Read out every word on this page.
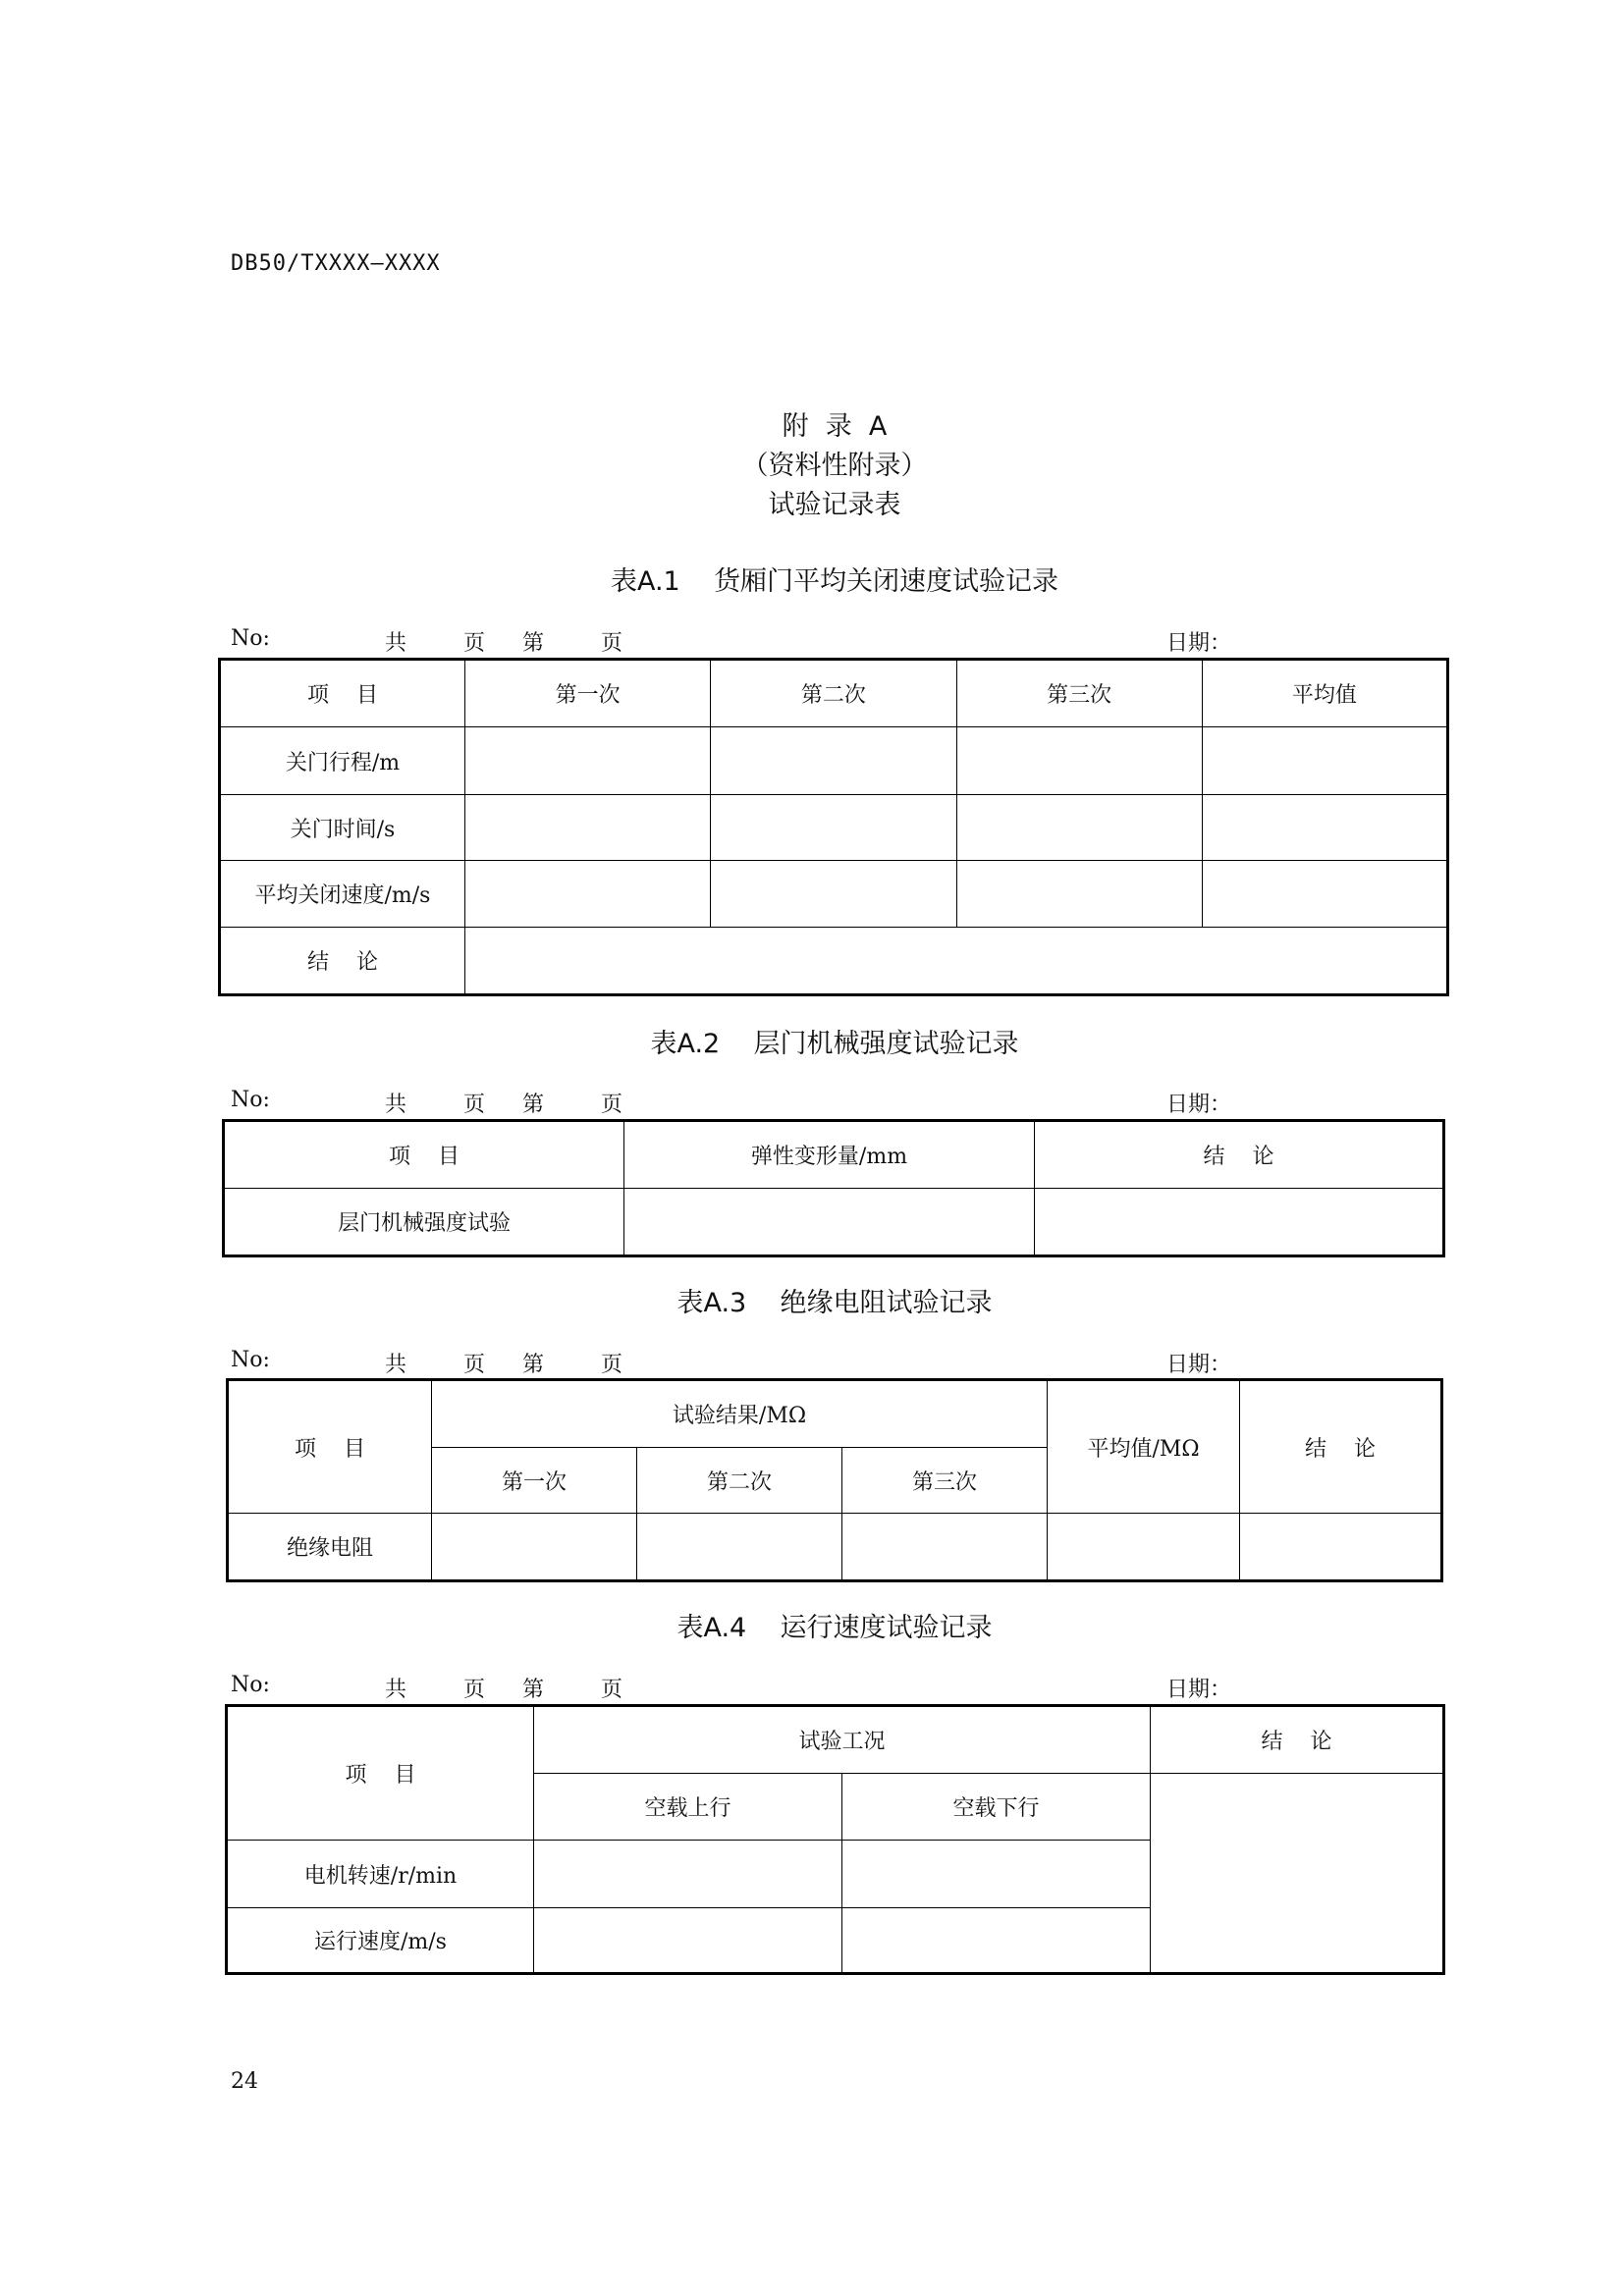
DB50/TXXXX—XXXX
附  录  A
（资料性附录）
试验记录表
表A.1    货厢门平均关闭速度试验记录
No:	共	页 第	页	日期：
项    目	第一次	第二次	第三次	平均值
关门行程/m				
关门时间/s				
平均关闭速度/m/s				
结    论				
表A.2    层门机械强度试验记录
No:	共	页 第	页	日期：
项    目	弹性变形量/mm	结    论
层门机械强度试验		
表A.3    绝缘电阻试验记录
No:	共	页 第	页	日期：
项    目	试验结果/MΩ			平均值/MΩ	结    论
	第一次	第二次	第三次		
绝缘电阻					
表A.4    运行速度试验记录
No:	共	页 第	页	日期：
项    目	试验工况		结    论
	空载上行	空载下行	
电机转速/r/min			
运行速度/m/s			
24
